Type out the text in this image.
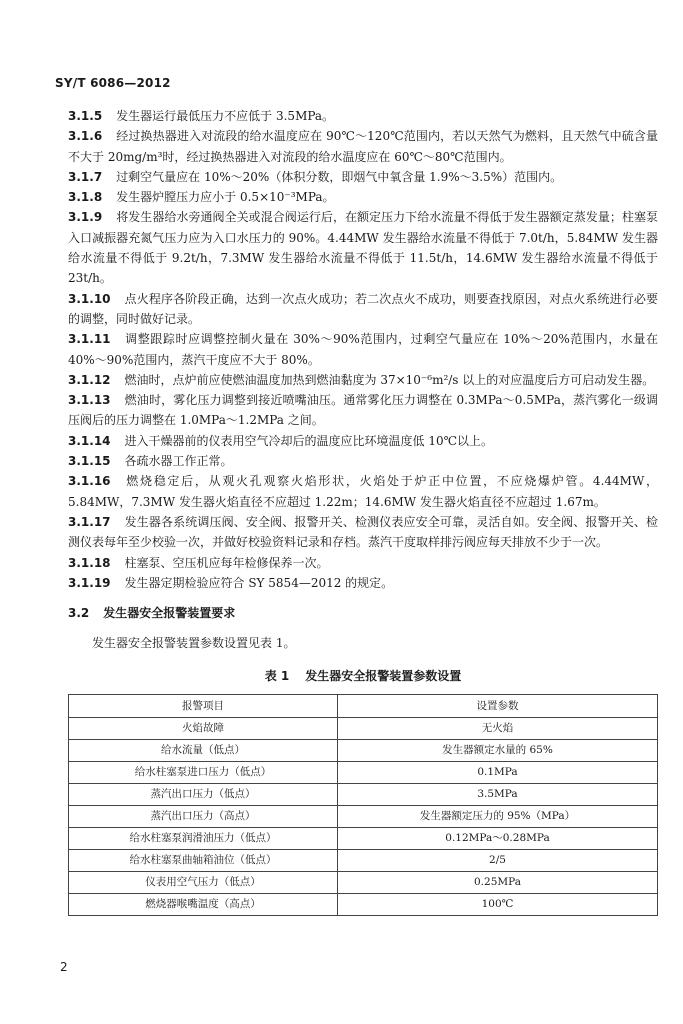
SY/T 6086—2012

3.1.5 发生器运行最低压力不应低于 3.5MPa。

3.1.6 经过换热器进入对流段的给水温度应在 90℃～120℃范围内，若以天然气为燃料，且天然气中硫含量不大于 20mg/m³时，经过换热器进入对流段的给水温度应在 60℃～80℃范围内。

3.1.7 过剩空气量应在 10%～20%（体积分数，即烟气中氧含量 1.9%～3.5%）范围内。

3.1.8 发生器炉膛压力应小于 0.5×10⁻³MPa。

3.1.9 将发生器给水旁通阀全关或混合阀运行后，在额定压力下给水流量不得低于发生器额定蒸发量；柱塞泵入口减振器充氮气压力应为入口水压力的 90%。4.44MW 发生器给水流量不得低于 7.0t/h，5.84MW 发生器给水流量不得低于 9.2t/h，7.3MW 发生器给水流量不得低于 11.5t/h，14.6MW 发生器给水流量不得低于 23t/h。

3.1.10 点火程序各阶段正确，达到一次点火成功；若二次点火不成功，则要查找原因，对点火系统进行必要的调整，同时做好记录。

3.1.11 调整跟踪时应调整控制火量在 30%～90%范围内，过剩空气量应在 10%～20%范围内，水量在 40%～90%范围内，蒸汽干度应不大于 80%。

3.1.12 燃油时，点炉前应使燃油温度加热到燃油黏度为 37×10⁻⁶m²/s 以上的对应温度后方可启动发生器。

3.1.13 燃油时，雾化压力调整到接近喷嘴油压。通常雾化压力调整在 0.3MPa～0.5MPa，蒸汽雾化一级调压阀后的压力调整在 1.0MPa～1.2MPa 之间。

3.1.14 进入干燥器前的仪表用空气冷却后的温度应比环境温度低 10℃以上。

3.1.15 各疏水器工作正常。

3.1.16 燃烧稳定后，从观火孔观察火焰形状，火焰处于炉正中位置，不应烧爆炉管。4.44MW，5.84MW，7.3MW 发生器火焰直径不应超过 1.22m；14.6MW 发生器火焰直径不应超过 1.67m。

3.1.17 发生器各系统调压阀、安全阀、报警开关、检测仪表应安全可靠，灵活自如。安全阀、报警开关、检测仪表每年至少校验一次，并做好校验资料记录和存档。蒸汽干度取样排污阀应每天排放不少于一次。

3.1.18 柱塞泵、空压机应每年检修保养一次。

3.1.19 发生器定期检验应符合 SY 5854—2012 的规定。

3.2 发生器安全报警装置要求

发生器安全报警装置参数设置见表 1。

表 1 发生器安全报警装置参数设置
报警项目	设置参数
火焰故障	无火焰
给水流量（低点）	发生器额定水量的 65%
给水柱塞泵进口压力（低点）	0.1MPa
蒸汽出口压力（低点）	3.5MPa
蒸汽出口压力（高点）	发生器额定压力的 95%（MPa）
给水柱塞泵润滑油压力（低点）	0.12MPa～0.28MPa
给水柱塞泵曲轴箱油位（低点）	2/5
仪表用空气压力（低点）	0.25MPa
燃烧器喉嘴温度（高点）	100℃
2
